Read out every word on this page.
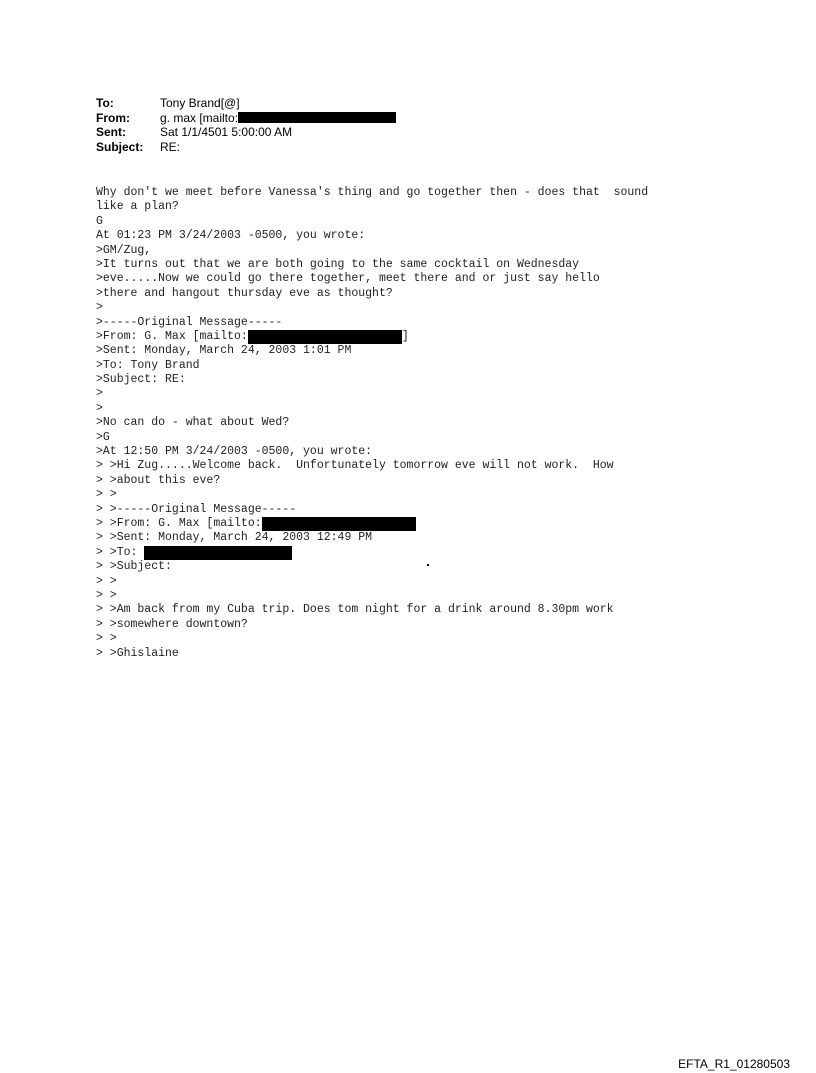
To:	Tony Brand[@]
From:	g. max [mailto:
Sent:	Sat 1/1/4501 5:00:00 AM
Subject:	RE:
Why don't we meet before Vanessa's thing and go together then - does that  sound
like a plan?
G
At 01:23 PM 3/24/2003 -0500, you wrote:
>GM/Zug,
>It turns out that we are both going to the same cocktail on Wednesday
>eve.....Now we could go there together, meet there and or just say hello
>there and hangout thursday eve as thought?
>
>-----Original Message-----
>From: G. Max [mailto:	]
>Sent: Monday, March 24, 2003 1:01 PM
>To: Tony Brand
>Subject: RE:
>
>
>No can do - what about Wed?
>G
>At 12:50 PM 3/24/2003 -0500, you wrote:
> >Hi Zug.....Welcome back.  Unfortunately tomorrow eve will not work.  How
> >about this eve?
> >
> >-----Original Message-----
> >From: G. Max [mailto:
> >Sent: Monday, March 24, 2003 12:49 PM
> >To:
> >Subject:
> >
> >
> >Am back from my Cuba trip. Does tom night for a drink around 8.30pm work
> >somewhere downtown?
> >
> >Ghislaine
EFTA_R1_01280503
